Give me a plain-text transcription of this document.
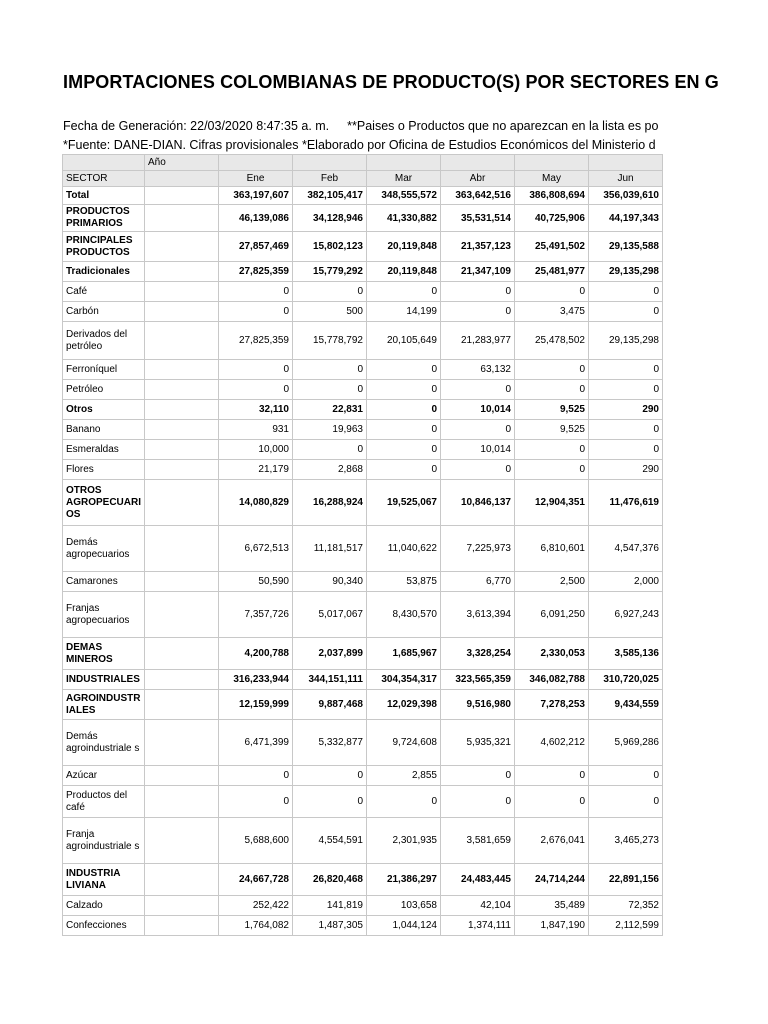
IMPORTACIONES COLOMBIANAS DE PRODUCTO(S) POR SECTORES EN G
Fecha de Generación: 22/03/2020 8:47:35 a. m. **Paises o Productos que no aparezcan en la lista es po
*Fuente: DANE-DIAN. Cifras provisionales *Elaborado por Oficina de Estudios Económicos del Ministerio d
	Año						
SECTOR		Ene	Feb	Mar	Abr	May	Jun
Total		363,197,607	382,105,417	348,555,572	363,642,516	386,808,694	356,039,610
PRODUCTOS PRIMARIOS		46,139,086	34,128,946	41,330,882	35,531,514	40,725,906	44,197,343
PRINCIPALES PRODUCTOS		27,857,469	15,802,123	20,119,848	21,357,123	25,491,502	29,135,588
Tradicionales		27,825,359	15,779,292	20,119,848	21,347,109	25,481,977	29,135,298
Café		0	0	0	0	0	0
Carbón		0	500	14,199	0	3,475	0
Derivados del petróleo		27,825,359	15,778,792	20,105,649	21,283,977	25,478,502	29,135,298
Ferroníquel		0	0	0	63,132	0	0
Petróleo		0	0	0	0	0	0
Otros		32,110	22,831	0	10,014	9,525	290
Banano		931	19,963	0	0	9,525	0
Esmeraldas		10,000	0	0	10,014	0	0
Flores		21,179	2,868	0	0	0	290
OTROS AGROPECUARI OS		14,080,829	16,288,924	19,525,067	10,846,137	12,904,351	11,476,619
Demás agropecuarios		6,672,513	11,181,517	11,040,622	7,225,973	6,810,601	4,547,376
Camarones		50,590	90,340	53,875	6,770	2,500	2,000
Franjas agropecuarios		7,357,726	5,017,067	8,430,570	3,613,394	6,091,250	6,927,243
DEMAS MINEROS		4,200,788	2,037,899	1,685,967	3,328,254	2,330,053	3,585,136
INDUSTRIALES		316,233,944	344,151,111	304,354,317	323,565,359	346,082,788	310,720,025
AGROINDUSTR IALES		12,159,999	9,887,468	12,029,398	9,516,980	7,278,253	9,434,559
Demás agroindustriale s		6,471,399	5,332,877	9,724,608	5,935,321	4,602,212	5,969,286
Azúcar		0	0	2,855	0	0	0
Productos del café		0	0	0	0	0	0
Franja agroindustriale s		5,688,600	4,554,591	2,301,935	3,581,659	2,676,041	3,465,273
INDUSTRIA LIVIANA		24,667,728	26,820,468	21,386,297	24,483,445	24,714,244	22,891,156
Calzado		252,422	141,819	103,658	42,104	35,489	72,352
Confecciones		1,764,082	1,487,305	1,044,124	1,374,111	1,847,190	2,112,599
